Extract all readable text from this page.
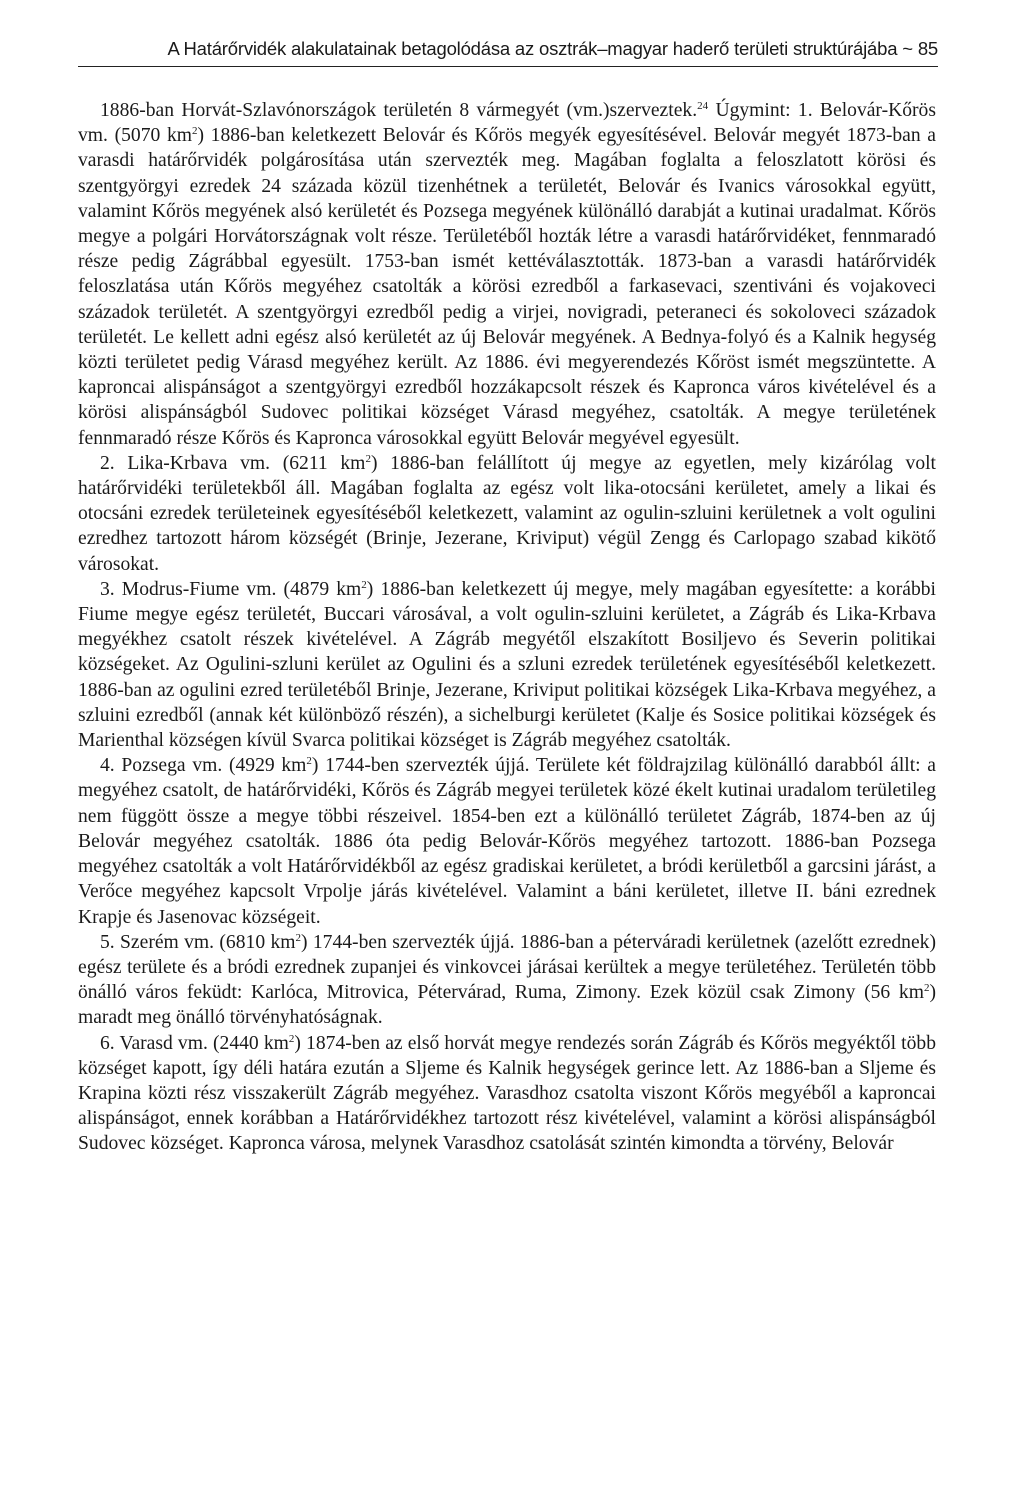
A Határőrvidék alakulatainak betagolódása az osztrák–magyar haderő területi struktúrájába ~ 85

1886-ban Horvát-Szlavónországok területén 8 vármegyét (vm.)szerveztek.$^{24}$ Úgymint: 1. Belovár-Kőrös vm. (5070 $km^2$) 1886-ban keletkezett Belovár és Kőrös megyék egyesítésével. Belovár megyét 1873-ban a varasdi határőrvidék polgárosítása után szervezték meg. Magában foglalta a feloszlatott körösi és szentgyörgyi ezredek 24 százada közül tizenhétnek a területét, Belovár és Ivanics városokkal együtt, valamint Kőrös megyének alsó kerületét és Pozsega megyének különálló darabját a kutinai uradalmat. Kőrös megye a polgári Horvátországnak volt része. Területéből hozták létre a varasdi határőrvidéket, fennmaradó része pedig Zágrábbal egyesült. 1753-ban ismét kettéválasztották. 1873-ban a varasdi határőrvidék feloszlatása után Kőrös megyéhez csatolták a körösi ezredből a farkasevaci, szentiváni és vojakoveci századok területét. A szentgyörgyi ezredből pedig a virjei, novigradi, peteraneci és sokoloveci századok területét. Le kellett adni egész alsó kerületét az új Belovár megyének. A Bednya-folyó és a Kalnik hegység közti területet pedig Várasd megyéhez került. Az 1886. évi megyerendezés Kőröst ismét megszüntette. A kaproncai alispánságot a szentgyörgyi ezredből hozzákapcsolt részek és Kapronca város kivételével és a körösi alispánságból Sudovec politikai községet Várasd megyéhez, csatolták. A megye területének fennmaradó része Kőrös és Kapronca városokkal együtt Belovár megyével egyesült.

2. Lika-Krbava vm. (6211 $km^2$) 1886-ban felállított új megye az egyetlen, mely kizárólag volt határőrvidéki területekből áll. Magában foglalta az egész volt lika-otocsáni kerületet, amely a likai és otocsáni ezredek területeinek egyesítéséből keletkezett, valamint az ogulin-szluini kerületnek a volt ogulini ezredhez tartozott három községét (Brinje, Jezerane, Kriviput) végül Zengg és Carlopago szabad kikötő városokat.

3. Modrus-Fiume vm. (4879 $km^2$) 1886-ban keletkezett új megye, mely magában egyesítette: a korábbi Fiume megye egész területét, Buccari városával, a volt ogulin-szluini kerületet, a Zágráb és Lika-Krbava megyékhez csatolt részek kivételével. A Zágráb megyétől elszakított Bosiljevo és Severin politikai községeket. Az Ogulini-szluni kerület az Ogulini és a szluni ezredek területének egyesítéséből keletkezett. 1886-ban az ogulini ezred területéből Brinje, Jezerane, Kriviput politikai községek Lika-Krbava megyéhez, a szluini ezredből (annak két különböző részén), a sichelburgi kerületet (Kalje és Sosice politikai községek és Marienthal községen kívül Svarca politikai községet is Zágráb megyéhez csatolták.

4. Pozsega vm. (4929 $km^2$) 1744-ben szervezték újjá. Területe két földrajzilag különálló darabból állt: a megyéhez csatolt, de határőrvidéki, Kőrös és Zágráb megyei területek közé ékelt kutinai uradalom területileg nem függött össze a megye többi részeivel. 1854-ben ezt a különálló területet Zágráb, 1874-ben az új Belovár megyéhez csatolták. 1886 óta pedig Belovár-Kőrös megyéhez tartozott. 1886-ban Pozsega megyéhez csatolták a volt Határőrvidékből az egész gradiskai kerületet, a bródi kerületből a garcsini járást, a Verőce megyéhez kapcsolt Vrpolje járás kivételével. Valamint a báni kerületet, illetve II. báni ezrednek Krapje és Jasenovac községeit.

5. Szerém vm. (6810 $km^2$) 1744-ben szervezték újjá. 1886-ban a péterváradi kerületnek (azelőtt ezrednek) egész területe és a bródi ezrednek zupanjei és vinkovcei járásai kerültek a megye területéhez. Területén több önálló város feküdt: Karlóca, Mitrovica, Pétervárad, Ruma, Zimony. Ezek közül csak Zimony (56 $km^2$) maradt meg önálló törvényhatóságnak.

6. Varasd vm. (2440 $km^2$) 1874-ben az első horvát megye rendezés során Zágráb és Kőrös megyéktől több községet kapott, így déli határa ezután a Sljeme és Kalnik hegységek gerince lett. Az 1886-ban a Sljeme és Krapina közti rész visszakerült Zágráb megyéhez. Varasdhoz csatolta viszont Kőrös megyéből a kaproncai alispánságot, ennek korábban a Határőrvidékhez tartozott rész kivételével, valamint a körösi alispánságból Sudovec községet. Kapronca városa, melynek Varasdhoz csatolását szintén kimondta a törvény, Belovár
